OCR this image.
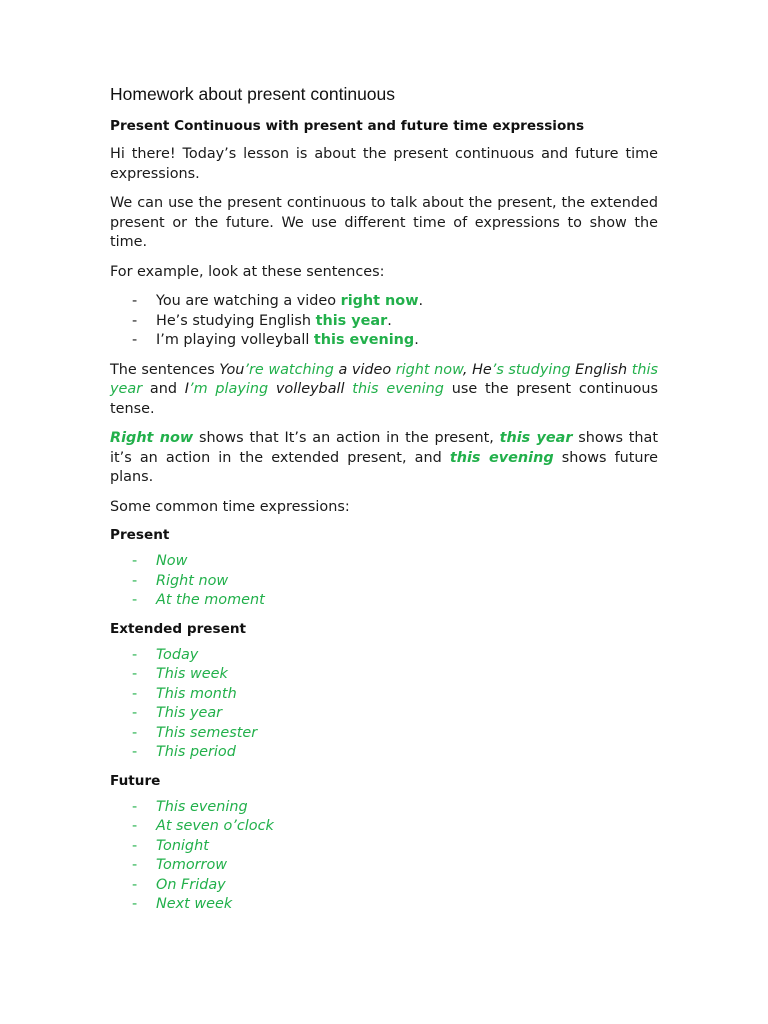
Homework about present continuous
Present Continuous with present and future time expressions

Hi there! Today’s lesson is about the present continuous and future time expressions.

We can use the present continuous to talk about the present, the extended present or the future. We use different time of expressions to show the time.

For example, look at these sentences:

- You are watching a video right now.
- He’s studying English this year.
- I’m playing volleyball this evening.

The sentences You’re watching a video right now, He’s studying English this year and I’m playing volleyball this evening use the present continuous tense.

Right now shows that It’s an action in the present, this year shows that it’s an action in the extended present, and this evening shows future plans.

Some common time expressions:

Present
- Now
- Right now
- At the moment
Extended present
- Today
- This week
- This month
- This year
- This semester
- This period
Future
- This evening
- At seven o’clock
- Tonight
- Tomorrow
- On Friday
- Next week
